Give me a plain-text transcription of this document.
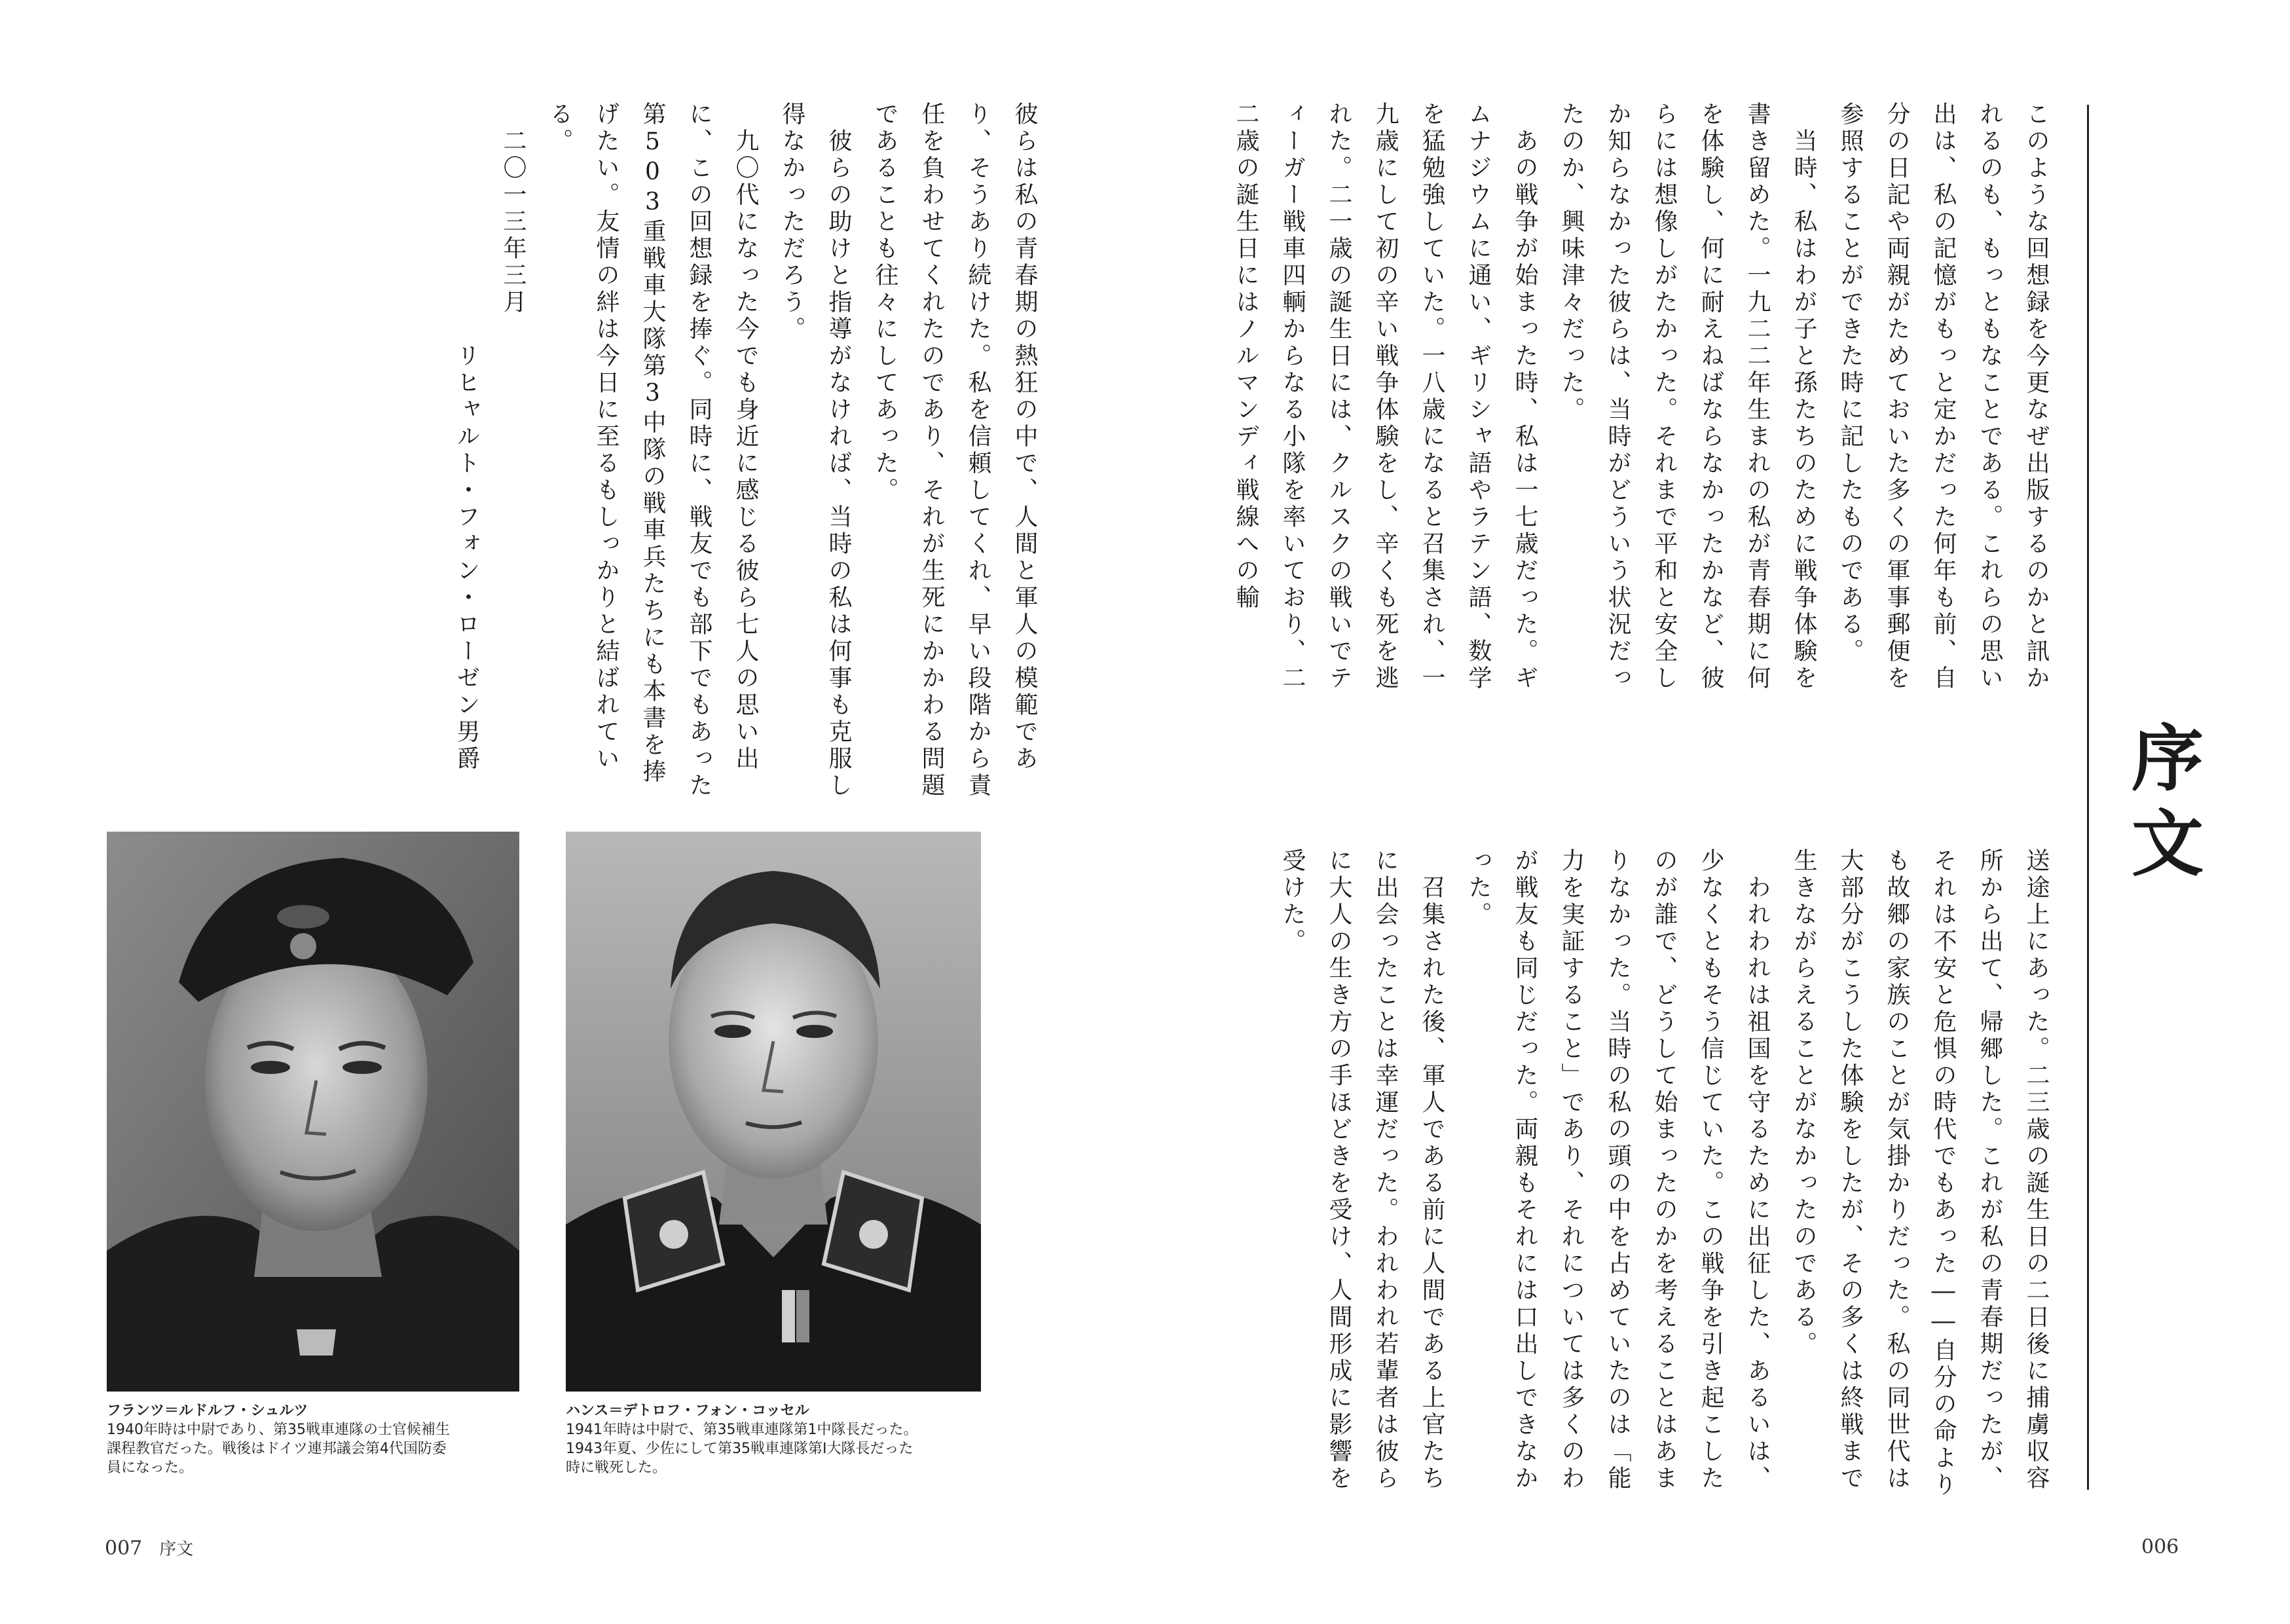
序文
このような回想録を今更なぜ出版するのかと訊かれるのも、もっともなことである。これらの思い出は、私の記憶がもっと定かだった何年も前、自分の日記や両親がためておいた多くの軍事郵便を参照することができた時に記したものである。
　当時、私はわが子と孫たちのために戦争体験を書き留めた。一九二二年生まれの私が青春期に何を体験し、何に耐えねばならなかったかなど、彼らには想像しがたかった。それまで平和と安全しか知らなかった彼らは、当時がどういう状況だったのか、興味津々だった。
　あの戦争が始まった時、私は一七歳だった。ギムナジウムに通い、ギリシャ語やラテン語、数学を猛勉強していた。一八歳になると召集され、一九歳にして初の辛い戦争体験をし、辛くも死を逃れた。二一歳の誕生日には、クルスクの戦いでティーガー戦車四輌からなる小隊を率いており、二二歳の誕生日にはノルマンディ戦線への輸
送途上にあった。二三歳の誕生日の二日後に捕虜収容所から出て、帰郷した。これが私の青春期だったが、それは不安と危惧の時代でもあった――自分の命よりも故郷の家族のことが気掛かりだった。私の同世代は大部分がこうした体験をしたが、その多くは終戦まで生きながらえることがなかったのである。
　われわれは祖国を守るために出征した、あるいは、少なくともそう信じていた。この戦争を引き起こしたのが誰で、どうして始まったのかを考えることはあまりなかった。当時の私の頭の中を占めていたのは「能力を実証すること」であり、それについては多くのわが戦友も同じだった。両親もそれには口出しできなかった。
　召集された後、軍人である前に人間である上官たちに出会ったことは幸運だった。われわれ若輩者は彼らに大人の生き方の手ほどきを受け、人間形成に影響を受けた。
006
彼らは私の青春期の熱狂の中で、人間と軍人の模範であり、そうあり続けた。私を信頼してくれ、早い段階から責任を負わせてくれたのであり、それが生死にかかわる問題であることも往々にしてあった。
　彼らの助けと指導がなければ、当時の私は何事も克服し得なかっただろう。
　九〇代になった今でも身近に感じる彼ら七人の思い出に、この回想録を捧ぐ。同時に、戦友でも部下でもあった第503重戦車大隊第3中隊の戦車兵たちにも本書を捧げたい。友情の絆は今日に至るもしっかりと結ばれている。
　二〇一三年三月
　　　　　　　　　リヒャルト・フォン・ローゼン男爵
フランツ＝ルドルフ・シュルツ
1940年時は中尉であり、第35戦車連隊の士官候補生
課程教官だった。戦後はドイツ連邦議会第4代国防委
員になった。
ハンス＝デトロフ・フォン・コッセル
1941年時は中尉で、第35戦車連隊第1中隊長だった。
1943年夏、少佐にして第35戦車連隊第I大隊長だった
時に戦死した。
007 序文
